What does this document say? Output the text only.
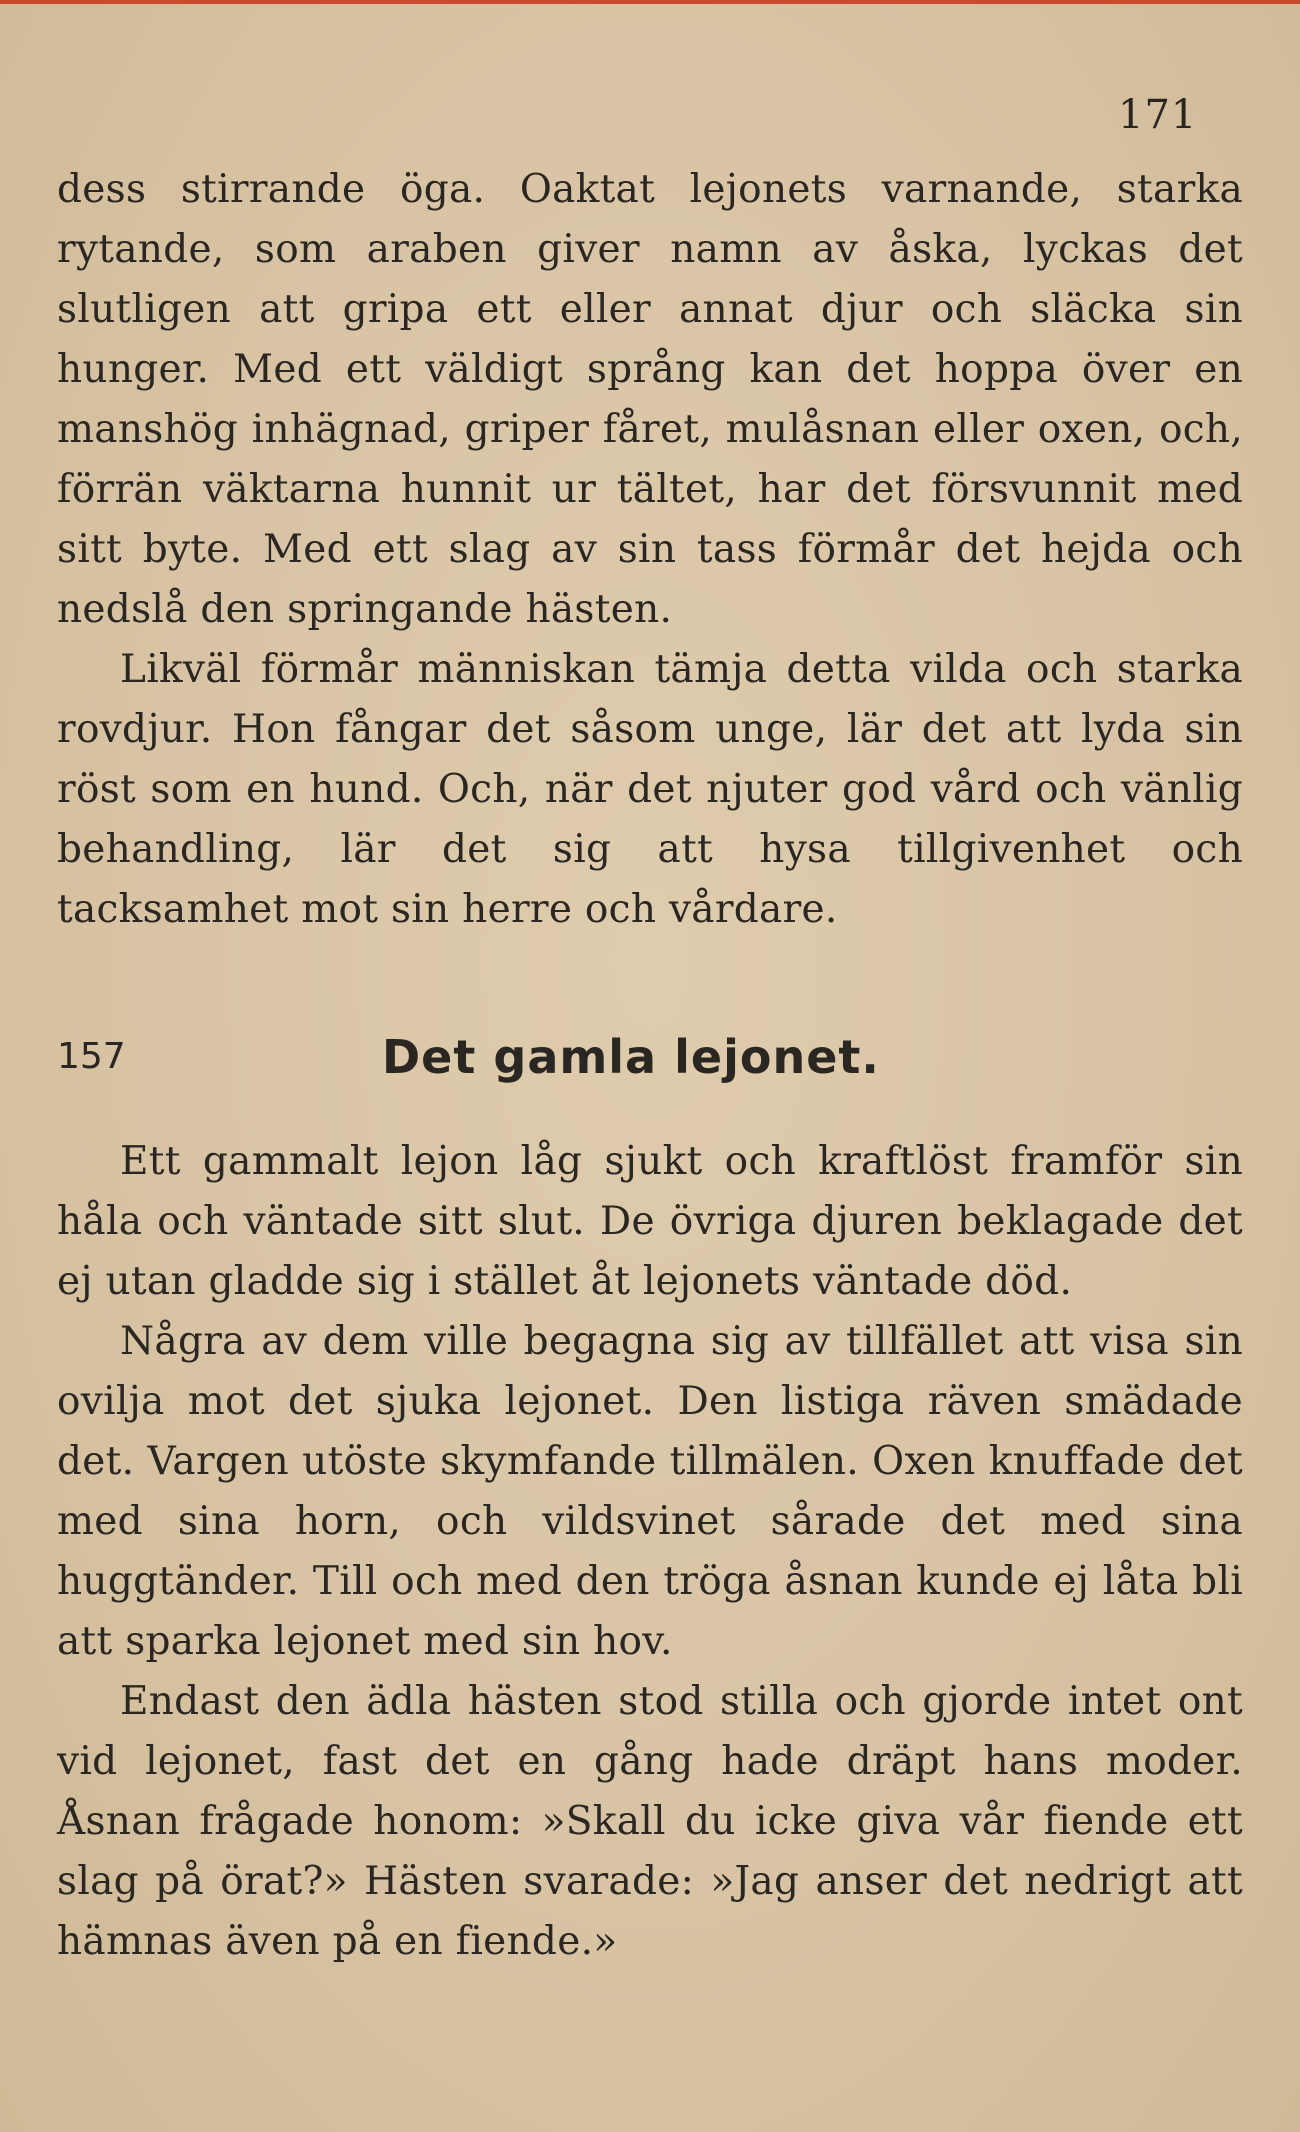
171

dess stirrande öga. Oaktat lejonets varnande, starka rytande, som araben giver namn av åska, lyckas det slutligen att gripa ett eller annat djur och släcka sin hunger. Med ett väldigt språng kan det hoppa över en manshög inhägnad, griper fåret, mulåsnan eller oxen, och, förrän väktarna hunnit ur tältet, har det försvunnit med sitt byte. Med ett slag av sin tass förmår det hejda och nedslå den springande hästen.

Likväl förmår människan tämja detta vilda och starka rovdjur. Hon fångar det såsom unge, lär det att lyda sin röst som en hund. Och, när det njuter god vård och vänlig behandling, lär det sig att hysa tillgivenhet och tacksamhet mot sin herre och vårdare.

157	Det gamla lejonet.

Ett gammalt lejon låg sjukt och kraftlöst framför sin håla och väntade sitt slut. De övriga djuren beklagade det ej utan gladde sig i stället åt lejonets väntade död.

Några av dem ville begagna sig av tillfället att visa sin ovilja mot det sjuka lejonet. Den listiga räven smädade det. Vargen utöste skymfande tillmälen. Oxen knuffade det med sina horn, och vildsvinet sårade det med sina huggtänder. Till och med den tröga åsnan kunde ej låta bli att sparka lejonet med sin hov.

Endast den ädla hästen stod stilla och gjorde intet ont vid lejonet, fast det en gång hade dräpt hans moder. Åsnan frågade honom: »Skall du icke giva vår fiende ett slag på örat?» Hästen svarade: »Jag anser det nedrigt att hämnas även på en fiende.»
